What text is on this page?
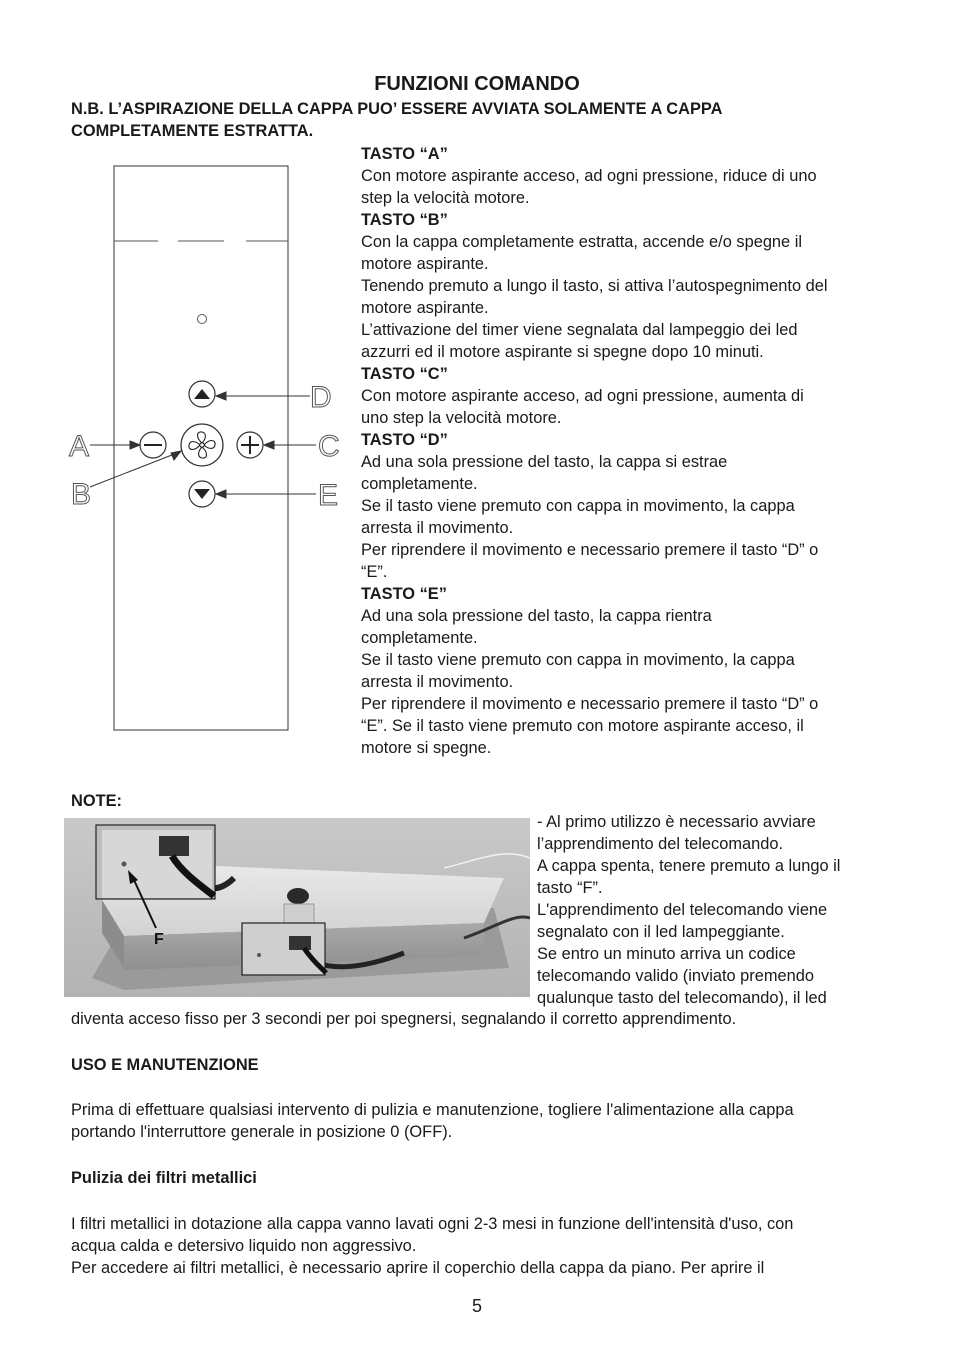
FUNZIONI COMANDO

N.B. L’ASPIRAZIONE DELLA CAPPA PUO’ ESSERE AVVIATA SOLAMENTE A CAPPA

COMPLETAMENTE ESTRATTA.

TASTO “A”

Con motore aspirante acceso, ad ogni pressione, riduce di uno

step la velocità motore.

TASTO “B”

Con la cappa completamente estratta, accende e/o spegne il

motore aspirante.

Tenendo premuto a lungo il tasto, si attiva l’autospegnimento del

motore aspirante.

L’attivazione del timer viene segnalata dal lampeggio dei led

azzurri ed il motore aspirante si spegne dopo 10 minuti.

TASTO “C”

Con motore aspirante acceso, ad ogni pressione, aumenta di

uno step la velocità motore.

TASTO “D”

Ad una sola pressione del tasto, la cappa si estrae

completamente.

Se il tasto viene premuto con cappa in movimento, la cappa

arresta il movimento.

Per riprendere il movimento e necessario premere il tasto “D” o

“E”.

TASTO “E”

Ad una sola pressione del tasto, la cappa rientra

completamente.

Se il tasto viene premuto con cappa in movimento, la cappa

arresta il movimento.

Per riprendere il movimento e necessario premere il tasto “D” o

“E”. Se il tasto viene premuto con motore aspirante acceso, il

motore si spegne.

D
A	C
B	E
NOTE:
F

- Al primo utilizzo è necessario avviare

l’apprendimento del telecomando.

A cappa spenta, tenere premuto a lungo il

tasto “F”.

L'apprendimento del telecomando viene

segnalato con il led lampeggiante.

Se entro un minuto arriva un codice

telecomando valido (inviato premendo

qualunque tasto del telecomando), il led

diventa acceso fisso per 3 secondi per poi spegnersi, segnalando il corretto apprendimento.
USO E MANUTENZIONE

Prima di effettuare qualsiasi intervento di pulizia e manutenzione, togliere l'alimentazione alla cappa

portando l'interruttore generale in posizione 0 (OFF).

Pulizia dei filtri metallici

I filtri metallici in dotazione alla cappa vanno lavati ogni 2-3 mesi in funzione dell'intensità d'uso, con

acqua calda e detersivo liquido non aggressivo.

Per accedere ai filtri metallici, è necessario aprire il coperchio della cappa da piano. Per aprire il

5
